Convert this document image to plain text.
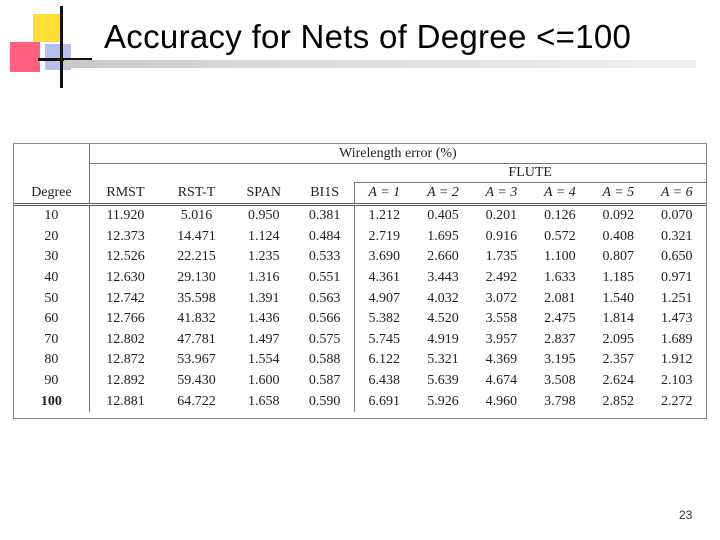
Accuracy for Nets of Degree <=100
	Wirelength error (%)									
					FLUTE					
Degree	RMST	RST-T	SPAN	BI1S	A = 1	A = 2	A = 3	A = 4	A = 5	A = 6
10	11.920	5.016	0.950	0.381	1.212	0.405	0.201	0.126	0.092	0.070
20	12.373	14.471	1.124	0.484	2.719	1.695	0.916	0.572	0.408	0.321
30	12.526	22.215	1.235	0.533	3.690	2.660	1.735	1.100	0.807	0.650
40	12.630	29.130	1.316	0.551	4.361	3.443	2.492	1.633	1.185	0.971
50	12.742	35.598	1.391	0.563	4.907	4.032	3.072	2.081	1.540	1.251
60	12.766	41.832	1.436	0.566	5.382	4.520	3.558	2.475	1.814	1.473
70	12.802	47.781	1.497	0.575	5.745	4.919	3.957	2.837	2.095	1.689
80	12.872	53.967	1.554	0.588	6.122	5.321	4.369	3.195	2.357	1.912
90	12.892	59.430	1.600	0.587	6.438	5.639	4.674	3.508	2.624	2.103
100	12.881	64.722	1.658	0.590	6.691	5.926	4.960	3.798	2.852	2.272
23
